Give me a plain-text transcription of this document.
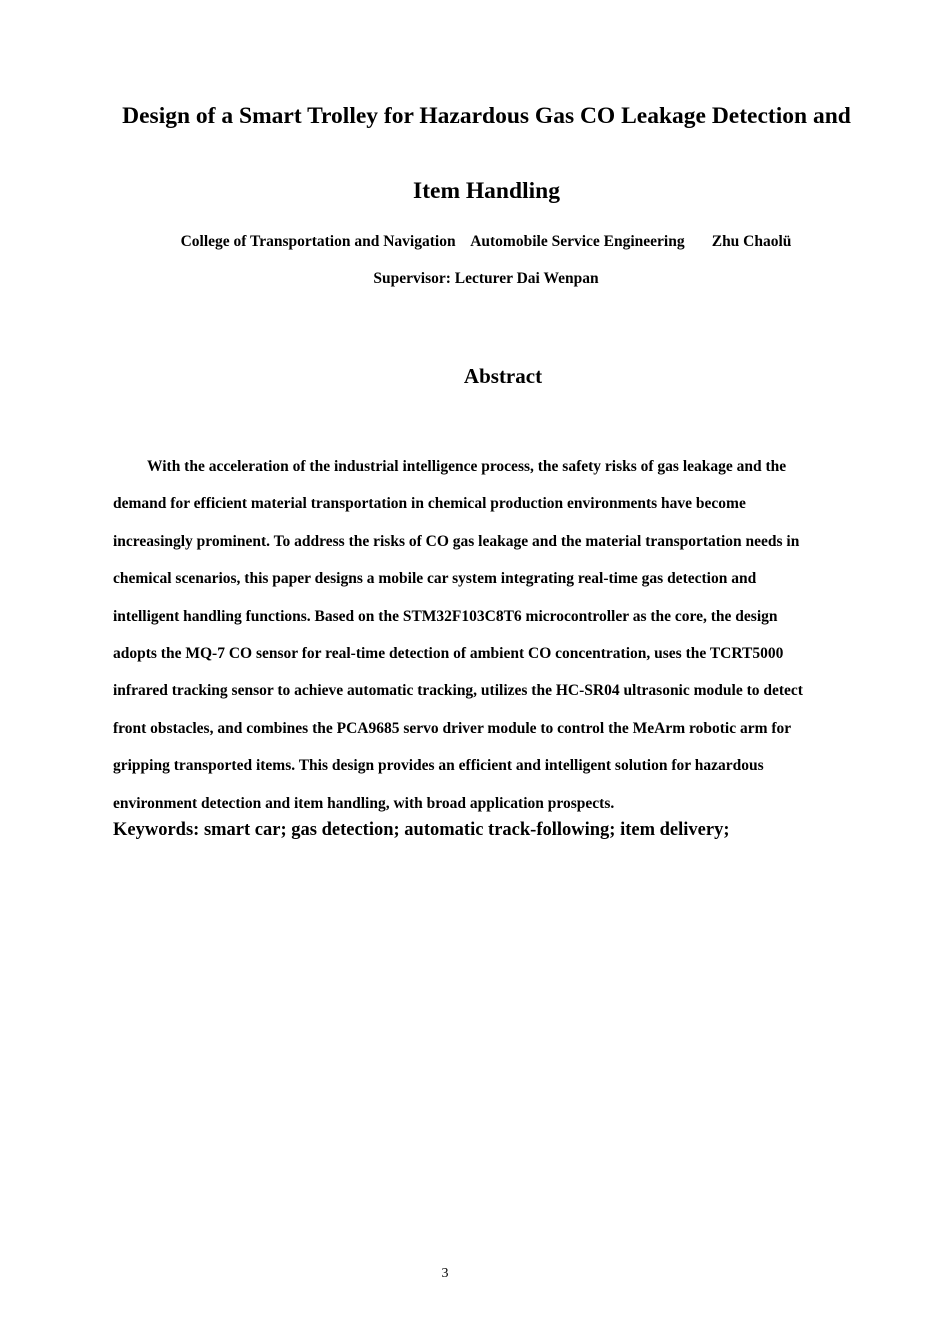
Design of a Smart Trolley for Hazardous Gas CO Leakage Detection and
Item Handling
College of Transportation and Navigation    Automobile Service Engineering       Zhu Chaolü
Supervisor: Lecturer Dai Wenpan
Abstract
With the acceleration of the industrial intelligence process, the safety risks of gas leakage and the
demand for efficient material transportation in chemical production environments have become
increasingly prominent. To address the risks of CO gas leakage and the material transportation needs in
chemical scenarios, this paper designs a mobile car system integrating real-time gas detection and
intelligent handling functions. Based on the STM32F103C8T6 microcontroller as the core, the design
adopts the MQ-7 CO sensor for real-time detection of ambient CO concentration, uses the TCRT5000
infrared tracking sensor to achieve automatic tracking, utilizes the HC-SR04 ultrasonic module to detect
front obstacles, and combines the PCA9685 servo driver module to control the MeArm robotic arm for
gripping transported items. This design provides an efficient and intelligent solution for hazardous
environment detection and item handling, with broad application prospects.
Keywords: smart car; gas detection; automatic track-following; item delivery;
3
